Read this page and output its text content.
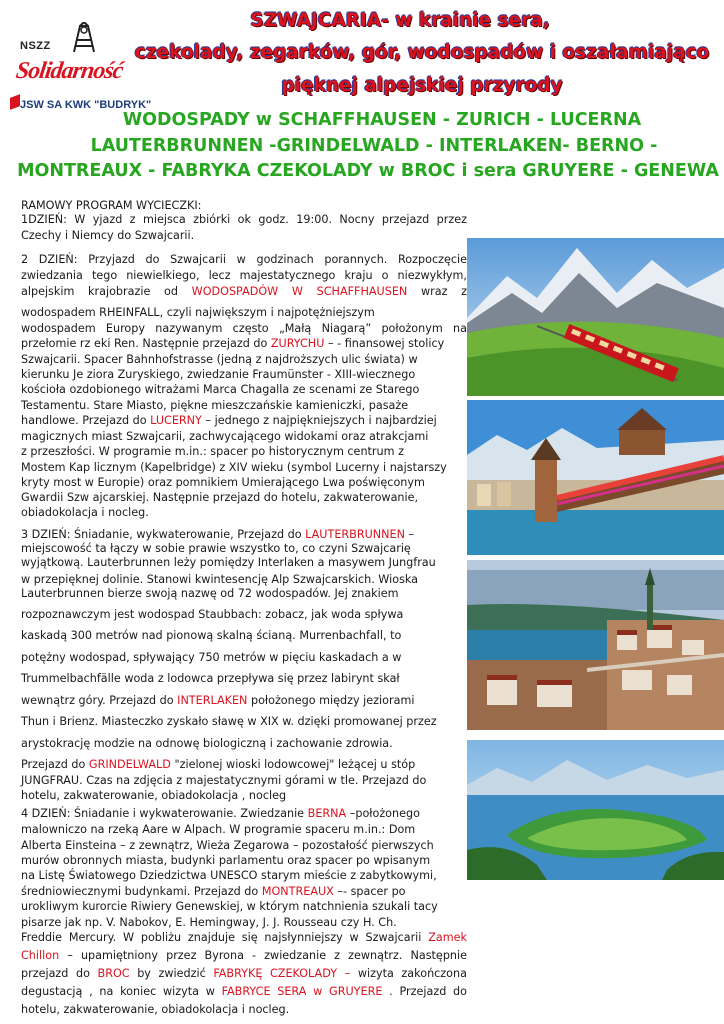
NSZZ
Solidarność
JSW SA KWK "BUDRYK"
SZWAJCARIA- w krainie sera,
czekolady, zegarków, gór, wodospadów i oszałamiająco
pięknej alpejskiej przyrody
WODOSPADY w SCHAFFHAUSEN - ZURICH - LUCERNA
LAUTERBRUNNEN -GRINDELWALD - INTERLAKEN- BERNO -
MONTREAUX - FABRYKA CZEKOLADY w BROC i sera GRUYERE - GENEWA
RAMOWY PROGRAM WYCIECZKI:
1DZIEŃ: W yjazd z miejsca zbiórki ok godz. 19:00. Nocny przejazd przez
Czechy i Niemcy do Szwajcarii.
2 DZIEŃ: Przyjazd do Szwajcarii w godzinach porannych. Rozpoczęcie
zwiedzania tego niewielkiego, lecz majestatycznego kraju o niezwykłym,
alpejskim krajobrazie od WODOSPADÓW W SCHAFFHAUSEN wraz z
wodospadem RHEINFALL, czyli największym i najpotężniejszym
wodospadem Europy nazywanym często „Małą Niagarą” położonym na
przełomie rz eki Ren. Następnie przejazd do ZURYCHU – - finansowej stolicy
Szwajcarii. Spacer Bahnhofstrasse (jedną z najdroższych ulic świata) w
kierunku Je ziora Zuryskiego, zwiedzanie Fraumünster - XIII-wiecznego
kościoła ozdobionego witrażami Marca Chagalla ze scenami ze Starego
Testamentu. Stare Miasto, piękne mieszczańskie kamieniczki, pasaże
handlowe. Przejazd do LUCERNY – jednego z najpiękniejszych i najbardziej
magicznych miast Szwajcarii, zachwycającego widokami oraz atrakcjami
z przeszłości. W programie m.in.: spacer po historycznym centrum z
Mostem Kap licznym (Kapelbridge) z XIV wieku (symbol Lucerny i najstarszy
kryty most w Europie) oraz pomnikiem Umierającego Lwa poświęconym
Gwardii Szw ajcarskiej. Następnie przejazd do hotelu, zakwaterowanie,
obiadokolacja i nocleg.
3 DZIEŃ: Śniadanie, wykwaterowanie, Przejazd do LAUTERBRUNNEN –
miejscowość ta łączy w sobie prawie wszystko to, co czyni Szwajcarię
wyjątkową. Lauterbrunnen leży pomiędzy Interlaken a masywem Jungfrau
w przepięknej dolinie. Stanowi kwintesencję Alp Szwajcarskich. Wioska
Lauterbrunnen bierze swoją nazwę od 72 wodospadów. Jej znakiem
rozpoznawczym jest wodospad Staubbach: zobacz, jak woda spływa
kaskadą 300 metrów nad pionową skalną ścianą. Murrenbachfall, to
potężny wodospad, spływający 750 metrów w pięciu kaskadach a w
Trummelbachfälle woda z lodowca przepływa się przez labirynt skał
wewnątrz góry. Przejazd do INTERLAKEN położonego między jeziorami
Thun i Brienz. Miasteczko zyskało sławę w XIX w. dzięki promowanej przez
arystokrację modzie na odnowę biologiczną i zachowanie zdrowia.
Przejazd do GRINDELWALD "zielonej wioski lodowcowej" leżącej u stóp
JUNGFRAU. Czas na zdjęcia z majestatycznymi górami w tle. Przejazd do
hotelu, zakwaterowanie, obiadokolacja , nocleg
4 DZIEŃ: Śniadanie i wykwaterowanie. Zwiedzanie BERNA –położonego
malowniczo na rzeką Aare w Alpach. W programie spaceru m.in.: Dom
Alberta Einsteina – z zewnątrz, Wieża Zegarowa – pozostałość pierwszych
murów obronnych miasta, budynki parlamentu oraz spacer po wpisanym
na Listę Światowego Dziedzictwa UNESCO starym mieście z zabytkowymi,
średniowiecznymi budynkami. Przejazd do MONTREAUX –- spacer po
urokliwym kurorcie Riwiery Genewskiej, w którym natchnienia szukali tacy
pisarze jak np. V. Nabokov, E. Hemingway, J. J. Rousseau czy H. Ch.
Freddie Mercury. W pobliżu znajduje się najsłynniejszy w Szwajcarii Zamek
Chillon – upamiętniony przez Byrona - zwiedzanie z zewnątrz. Następnie
przejazd do BROC by zwiedzić FABRYKĘ CZEKOLADY – wizyta zakończona
degustacją , na koniec wizyta w FABRYCE SERA w GRUYERE . Przejazd do
hotelu, zakwaterowanie, obiadokolacja i nocleg.
